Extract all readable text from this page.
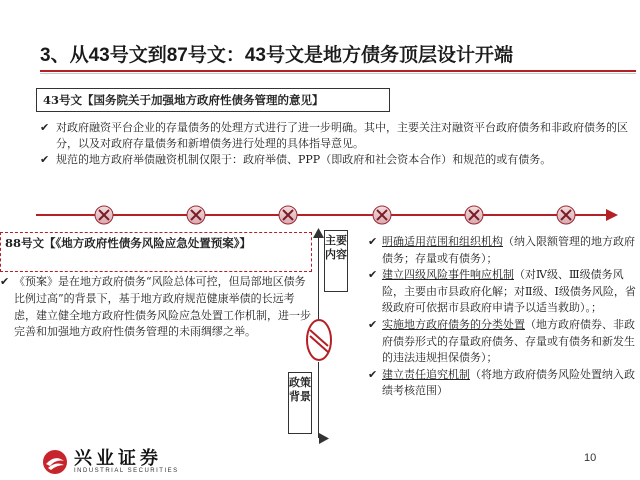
3、从43号文到87号文：43号文是地方债务顶层设计开端
43号文【国务院关于加强地方政府性债务管理的意见】
✔ 对政府融资平台企业的存量债务的处理方式进行了进一步明确。其中，主要关注对融资平台政府债务和非政府债务的区分，以及对政府存量债务和新增债务进行处理的具体指导意见。
✔ 规范的地方政府举债融资机制仅限于：政府举债、PPP（即政府和社会资本合作）和规范的或有债务。
88号文【《地方政府性债务风险应急处置预案》】
✔ 《预案》是在地方政府债务“风险总体可控，但局部地区债务比例过高”的背景下，基于地方政府规范健康举债的长远考虑，建立健全地方政府性债务风险应急处置工作机制，进一步完善和加强地方政府性债务管理的未雨绸缪之举。
主要内容
政策背景
✔ 明确适用范围和组织机构（纳入限额管理的地方政府债务；存量或有债务）；
✔ 建立四级风险事件响应机制（对Ⅳ级、Ⅲ级债务风险，主要由市县政府化解；对Ⅱ级、Ⅰ级债务风险，省级政府可依据市县政府申请予以适当救助）。；
✔ 实施地方政府债务的分类处置（地方政府债券、非政府债券形式的存量政府债务、存量或有债务和新发生的违法违规担保债务）；
✔ 建立责任追究机制（将地方政府债务风险处置纳入政绩考核范围）
兴业证券
INDUSTRIAL SECURITIES
10
